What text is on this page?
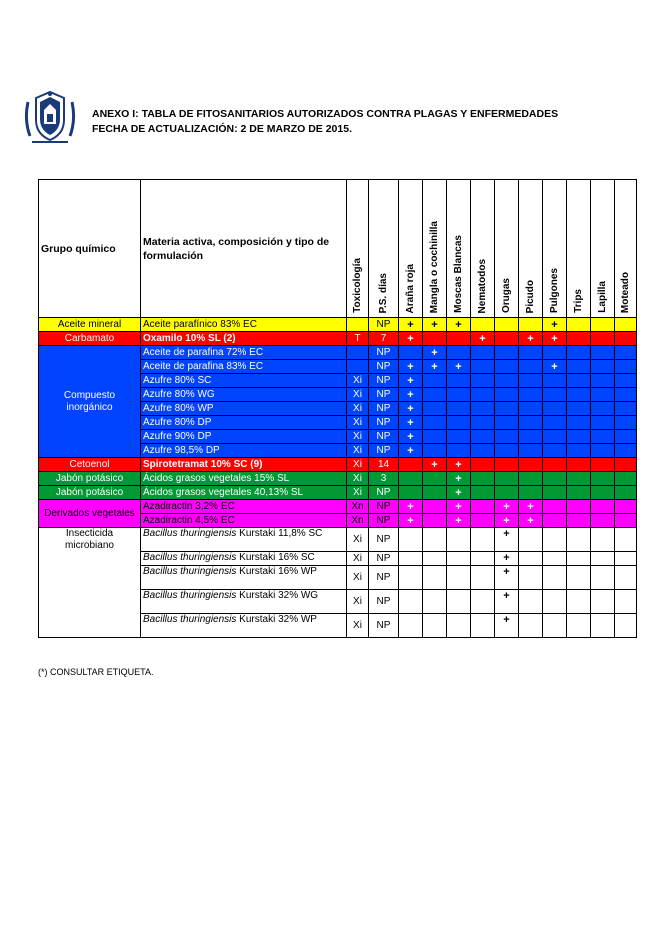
ANEXO I: TABLA DE FITOSANITARIOS AUTORIZADOS CONTRA PLAGAS Y ENFERMEDADES
FECHA DE ACTUALIZACIÓN: 2 DE MARZO DE 2015.
Grupo químico	Materia activa, composición y tipo de formulación	Toxicología	P.S. días	Araña roja	Mangla o cochinilla	Moscas Blancas	Nematodos	Orugas	Picudo	Pulgones	Trips	Lapilla	Moteado
Aceite mineral	Aceite parafínico 83% EC		NP	+	+	+				+			
Carbamato	Oxamilo 10% SL (2)	T	7	+			+		+	+			
Compuesto inorgánico	Aceite de parafina 72% EC		NP		+								
	Aceite de parafina 83% EC		NP	+	+	+				+			
	Azufre 80% SC	Xi	NP	+									
	Azufre 80% WG	Xi	NP	+									
	Azufre 80% WP	Xi	NP	+									
	Azufre 80% DP	Xi	NP	+									
	Azufre 90% DP	Xi	NP	+									
	Azufre 98,5% DP	Xi	NP	+									
Cetoenol	Spirotetramat 10% SC (9)	Xi	14		+	+							
Jabón potásico	Ácidos grasos vegetales 15% SL	Xi	3			+							
Jabón potásico	Ácidos grasos vegetales 40,13% SL	Xi	NP			+							
Derivados vegetales	Azadiractin 3,2% EC	Xn	NP	+		+		+	+				
	Azadiractin 4,5% EC	Xn	NP	+		+		+	+				
Insecticida microbiano	Bacillus thuringiensis Kurstaki 11,8% SC	Xi	NP					+					
	Bacillus thuringiensis Kurstaki 16% SC	Xi	NP					+					
	Bacillus thuringiensis Kurstaki 16% WP	Xi	NP					+					
	Bacillus thuringiensis Kurstaki 32% WG	Xi	NP					+					
	Bacillus thuringiensis Kurstaki 32% WP	Xi	NP					+					
(*) CONSULTAR ETIQUETA.
